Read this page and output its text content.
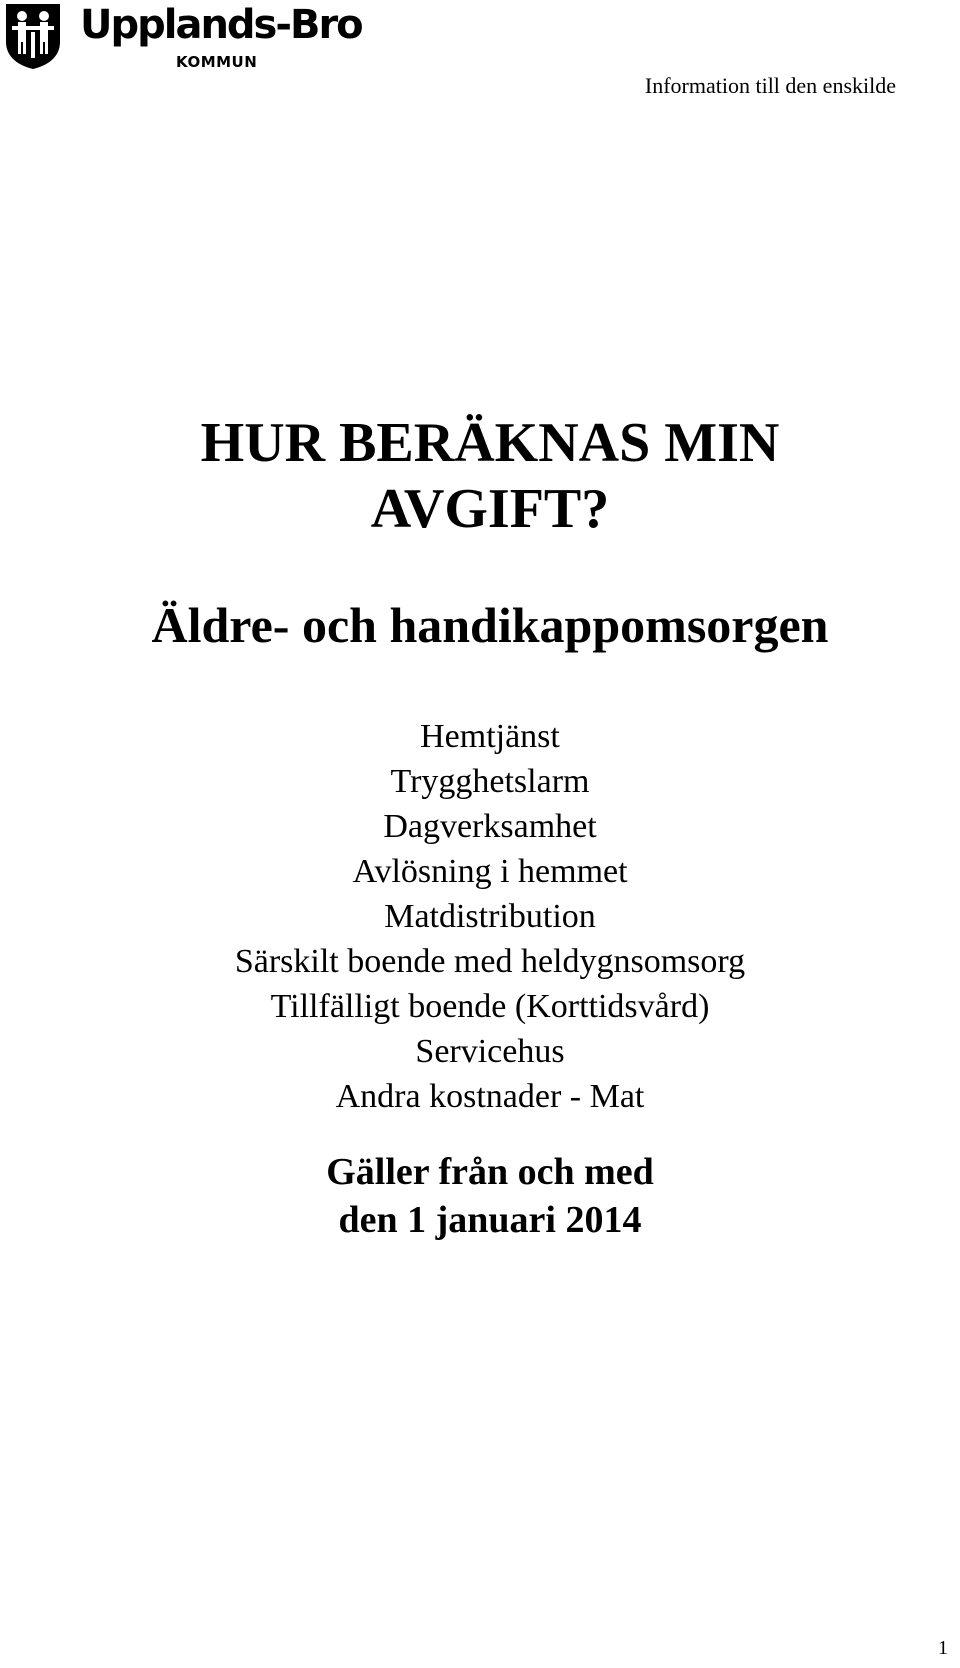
Upplands-Bro
KOMMUN
Information till den enskilde
HUR BERÄKNAS MIN
AVGIFT?
Äldre- och handikappomsorgen
Hemtjänst
Trygghetslarm
Dagverksamhet
Avlösning i hemmet
Matdistribution
Särskilt boende med heldygnsomsorg
Tillfälligt boende (Korttidsvård)
Servicehus
Andra kostnader - Mat
Gäller från och med
den 1 januari 2014
1
